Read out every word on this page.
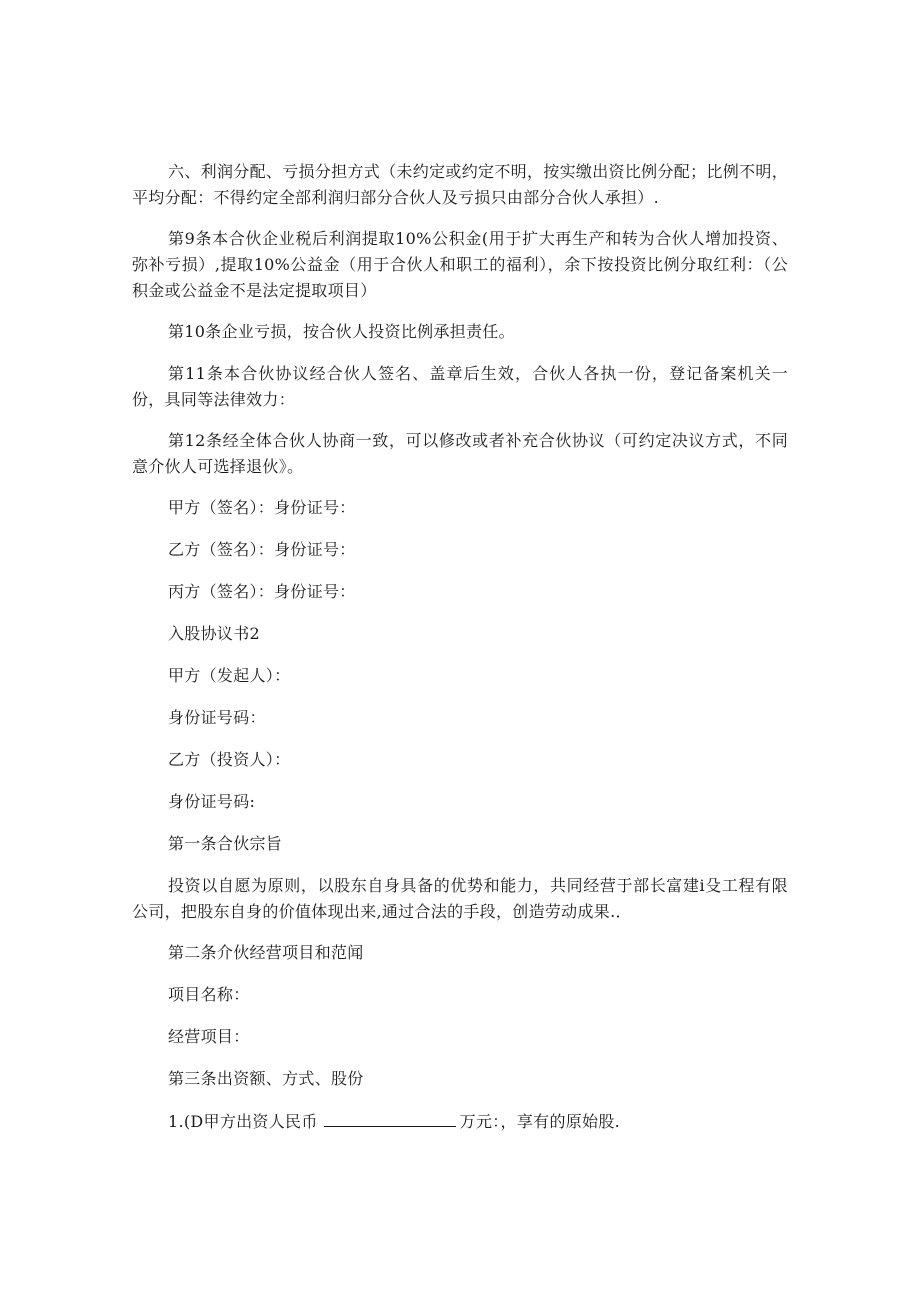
六、利润分配、亏损分担方式（未约定或约定不明，按实缴出资比例分配；比例不明，平均分配：不得约定全部利润归部分合伙人及亏损只由部分合伙人承担）.

第9条本合伙企业税后利润提取10%公积金(用于扩大再生产和转为合伙人增加投资、弥补亏损）,提取10%公益金（用于合伙人和职工的福利），余下按投资比例分取红利：（公积金或公益金不是法定提取项目）

第10条企业亏损，按合伙人投资比例承担责任。

第11条本合伙协议经合伙人签名、盖章后生效，合伙人各执一份，登记备案机关一份，具同等法律效力：

第12条经全体合伙人协商一致，可以修改或者补充合伙协议（可约定决议方式，不同意介伙人可选择退伙》。

甲方（签名）：身份证号：

乙方（签名）：身份证号：

丙方（签名）：身份证号：

入股协议书2

甲方（发起人）：

身份证号码：

乙方（投资人）：

身份证号码:

第一条合伙宗旨

投资以自愿为原则，以股东自身具备的优势和能力，共同经营于部长富建i殳工程有限公司，把股东自身的价值体现出来,通过合法的手段，创造劳动成果.．

第二条介伙经营项目和范闻

项目名称：

经营项目：

第三条出资额、方式、股份

1.(D甲方出资人民币	万元：，享有的原始股.
